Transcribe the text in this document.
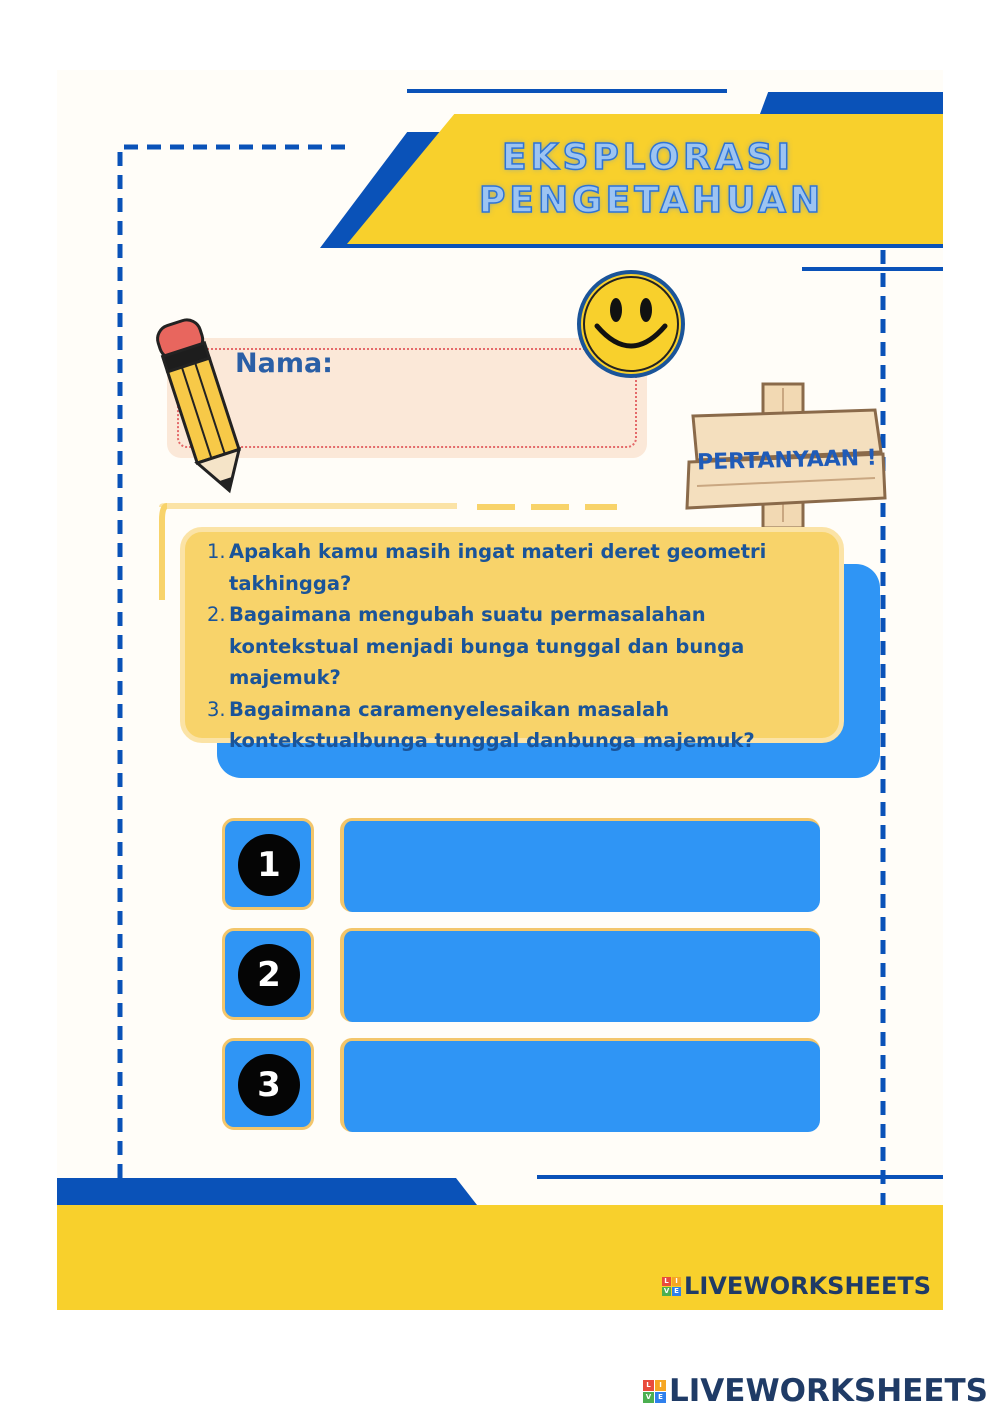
EKSPLORASI
PENGETAHUAN
Nama:
PERTANYAAN !
1. Apakah kamu masih ingat materi deret geometri takhingga?
2. Bagaimana mengubah suatu permasalahan kontekstual menjadi bunga tunggal dan bunga majemuk?
3. Bagaimana caramenyelesaikan masalah kontekstualbunga tunggal danbunga majemuk?
1
2
3
L I
V E LIVEWORKSHEETS
L	I
V E LIVEWORKSHEETS
